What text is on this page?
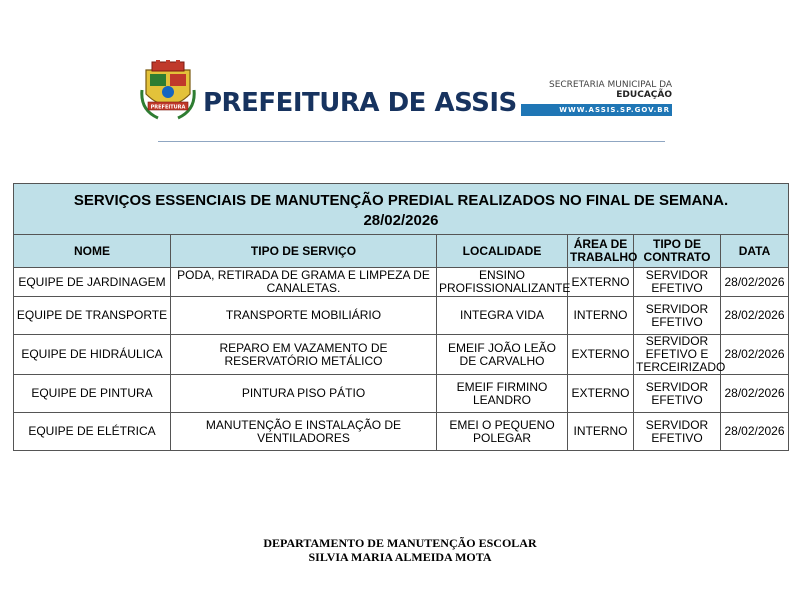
PREFEITURA PREFEITURA DE ASSIS
SECRETARIA MUNICIPAL DA
EDUCAÇÃO
WWW.ASSIS.SP.GOV.BR
SERVIÇOS ESSENCIAIS DE MANUTENÇÃO PREDIAL REALIZADOS NO FINAL DE SEMANA.
28/02/2026					

NOME	TIPO DE SERVIÇO	LOCALIDADE	ÁREA DE TRABALHO	TIPO DE CONTRATO	DATA
EQUIPE DE JARDINAGEM	PODA, RETIRADA DE GRAMA E LIMPEZA DE CANALETAS.	ENSINO PROFISSIONALIZANTE	EXTERNO	SERVIDOR EFETIVO	28/02/2026
EQUIPE DE TRANSPORTE	TRANSPORTE MOBILIÁRIO	INTEGRA VIDA	INTERNO	SERVIDOR EFETIVO	28/02/2026
EQUIPE DE HIDRÁULICA	REPARO EM VAZAMENTO DE RESERVATÓRIO METÁLICO	EMEIF JOÃO LEÃO DE CARVALHO	EXTERNO	SERVIDOR EFETIVO E TERCEIRIZADO	28/02/2026
EQUIPE DE PINTURA	PINTURA PISO PÁTIO	EMEIF FIRMINO LEANDRO	EXTERNO	SERVIDOR EFETIVO	28/02/2026
EQUIPE DE ELÉTRICA	MANUTENÇÃO E INSTALAÇÃO DE VENTILADORES	EMEI O PEQUENO POLEGAR	INTERNO	SERVIDOR EFETIVO	28/02/2026
DEPARTAMENTO DE MANUTENÇÃO ESCOLAR
SILVIA MARIA ALMEIDA MOTA
